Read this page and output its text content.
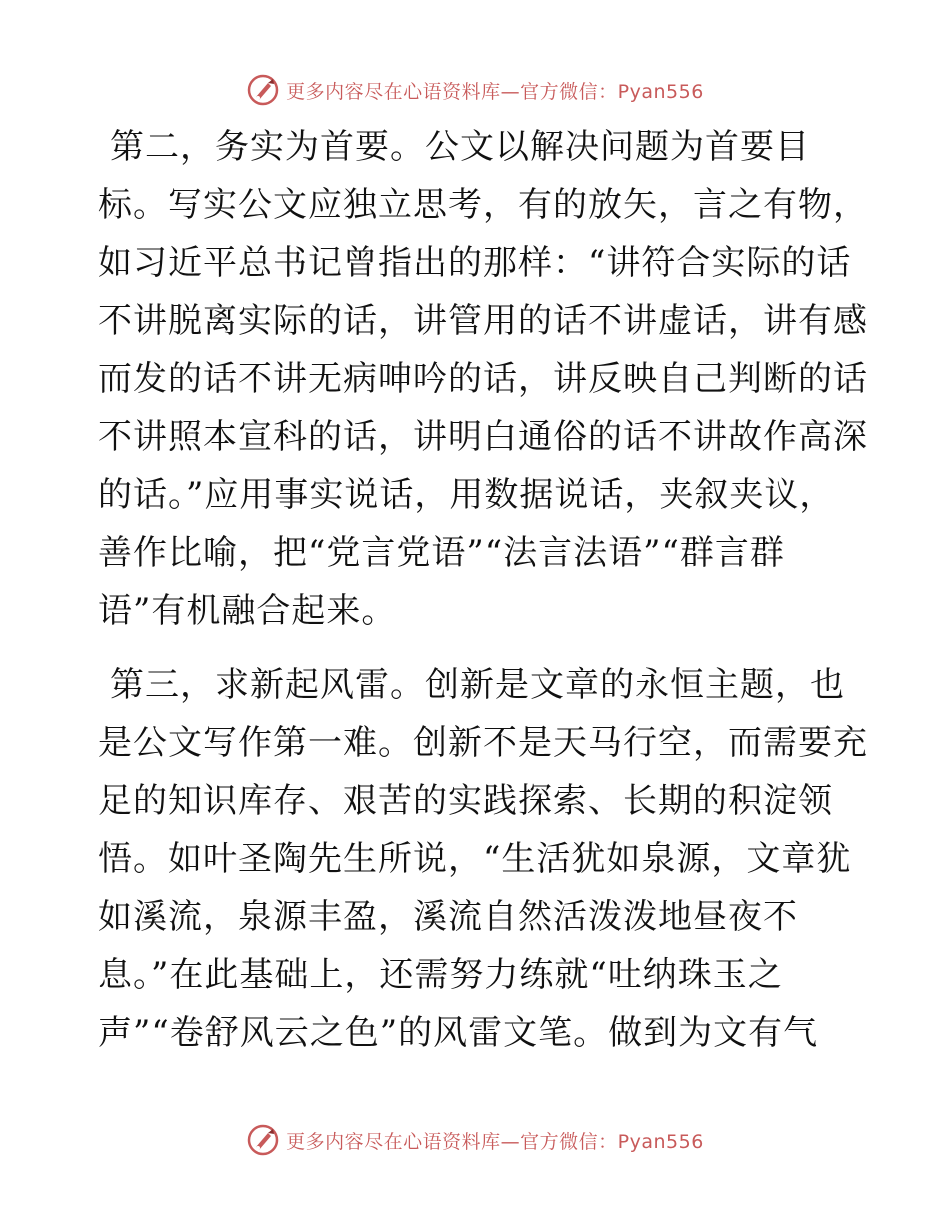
更多内容尽在心语资料库—官方微信：Pyan556

第二，务实为首要。公文以解决问题为首要目
标。写实公文应独立思考，有的放矢，言之有物，
如习近平总书记曾指出的那样：“讲符合实际的话
不讲脱离实际的话，讲管用的话不讲虚话，讲有感
而发的话不讲无病呻吟的话，讲反映自己判断的话
不讲照本宣科的话，讲明白通俗的话不讲故作高深
的话。”应用事实说话，用数据说话，夹叙夹议，
善作比喻，把“党言党语”“法言法语”“群言群
语”有机融合起来。

第三，求新起风雷。创新是文章的永恒主题，也
是公文写作第一难。创新不是天马行空，而需要充
足的知识库存、艰苦的实践探索、长期的积淀领
悟。如叶圣陶先生所说，“生活犹如泉源，文章犹
如溪流，泉源丰盈，溪流自然活泼泼地昼夜不
息。”在此基础上，还需努力练就“吐纳珠玉之
声”“卷舒风云之色”的风雷文笔。做到为文有气

更多内容尽在心语资料库—官方微信：Pyan556
